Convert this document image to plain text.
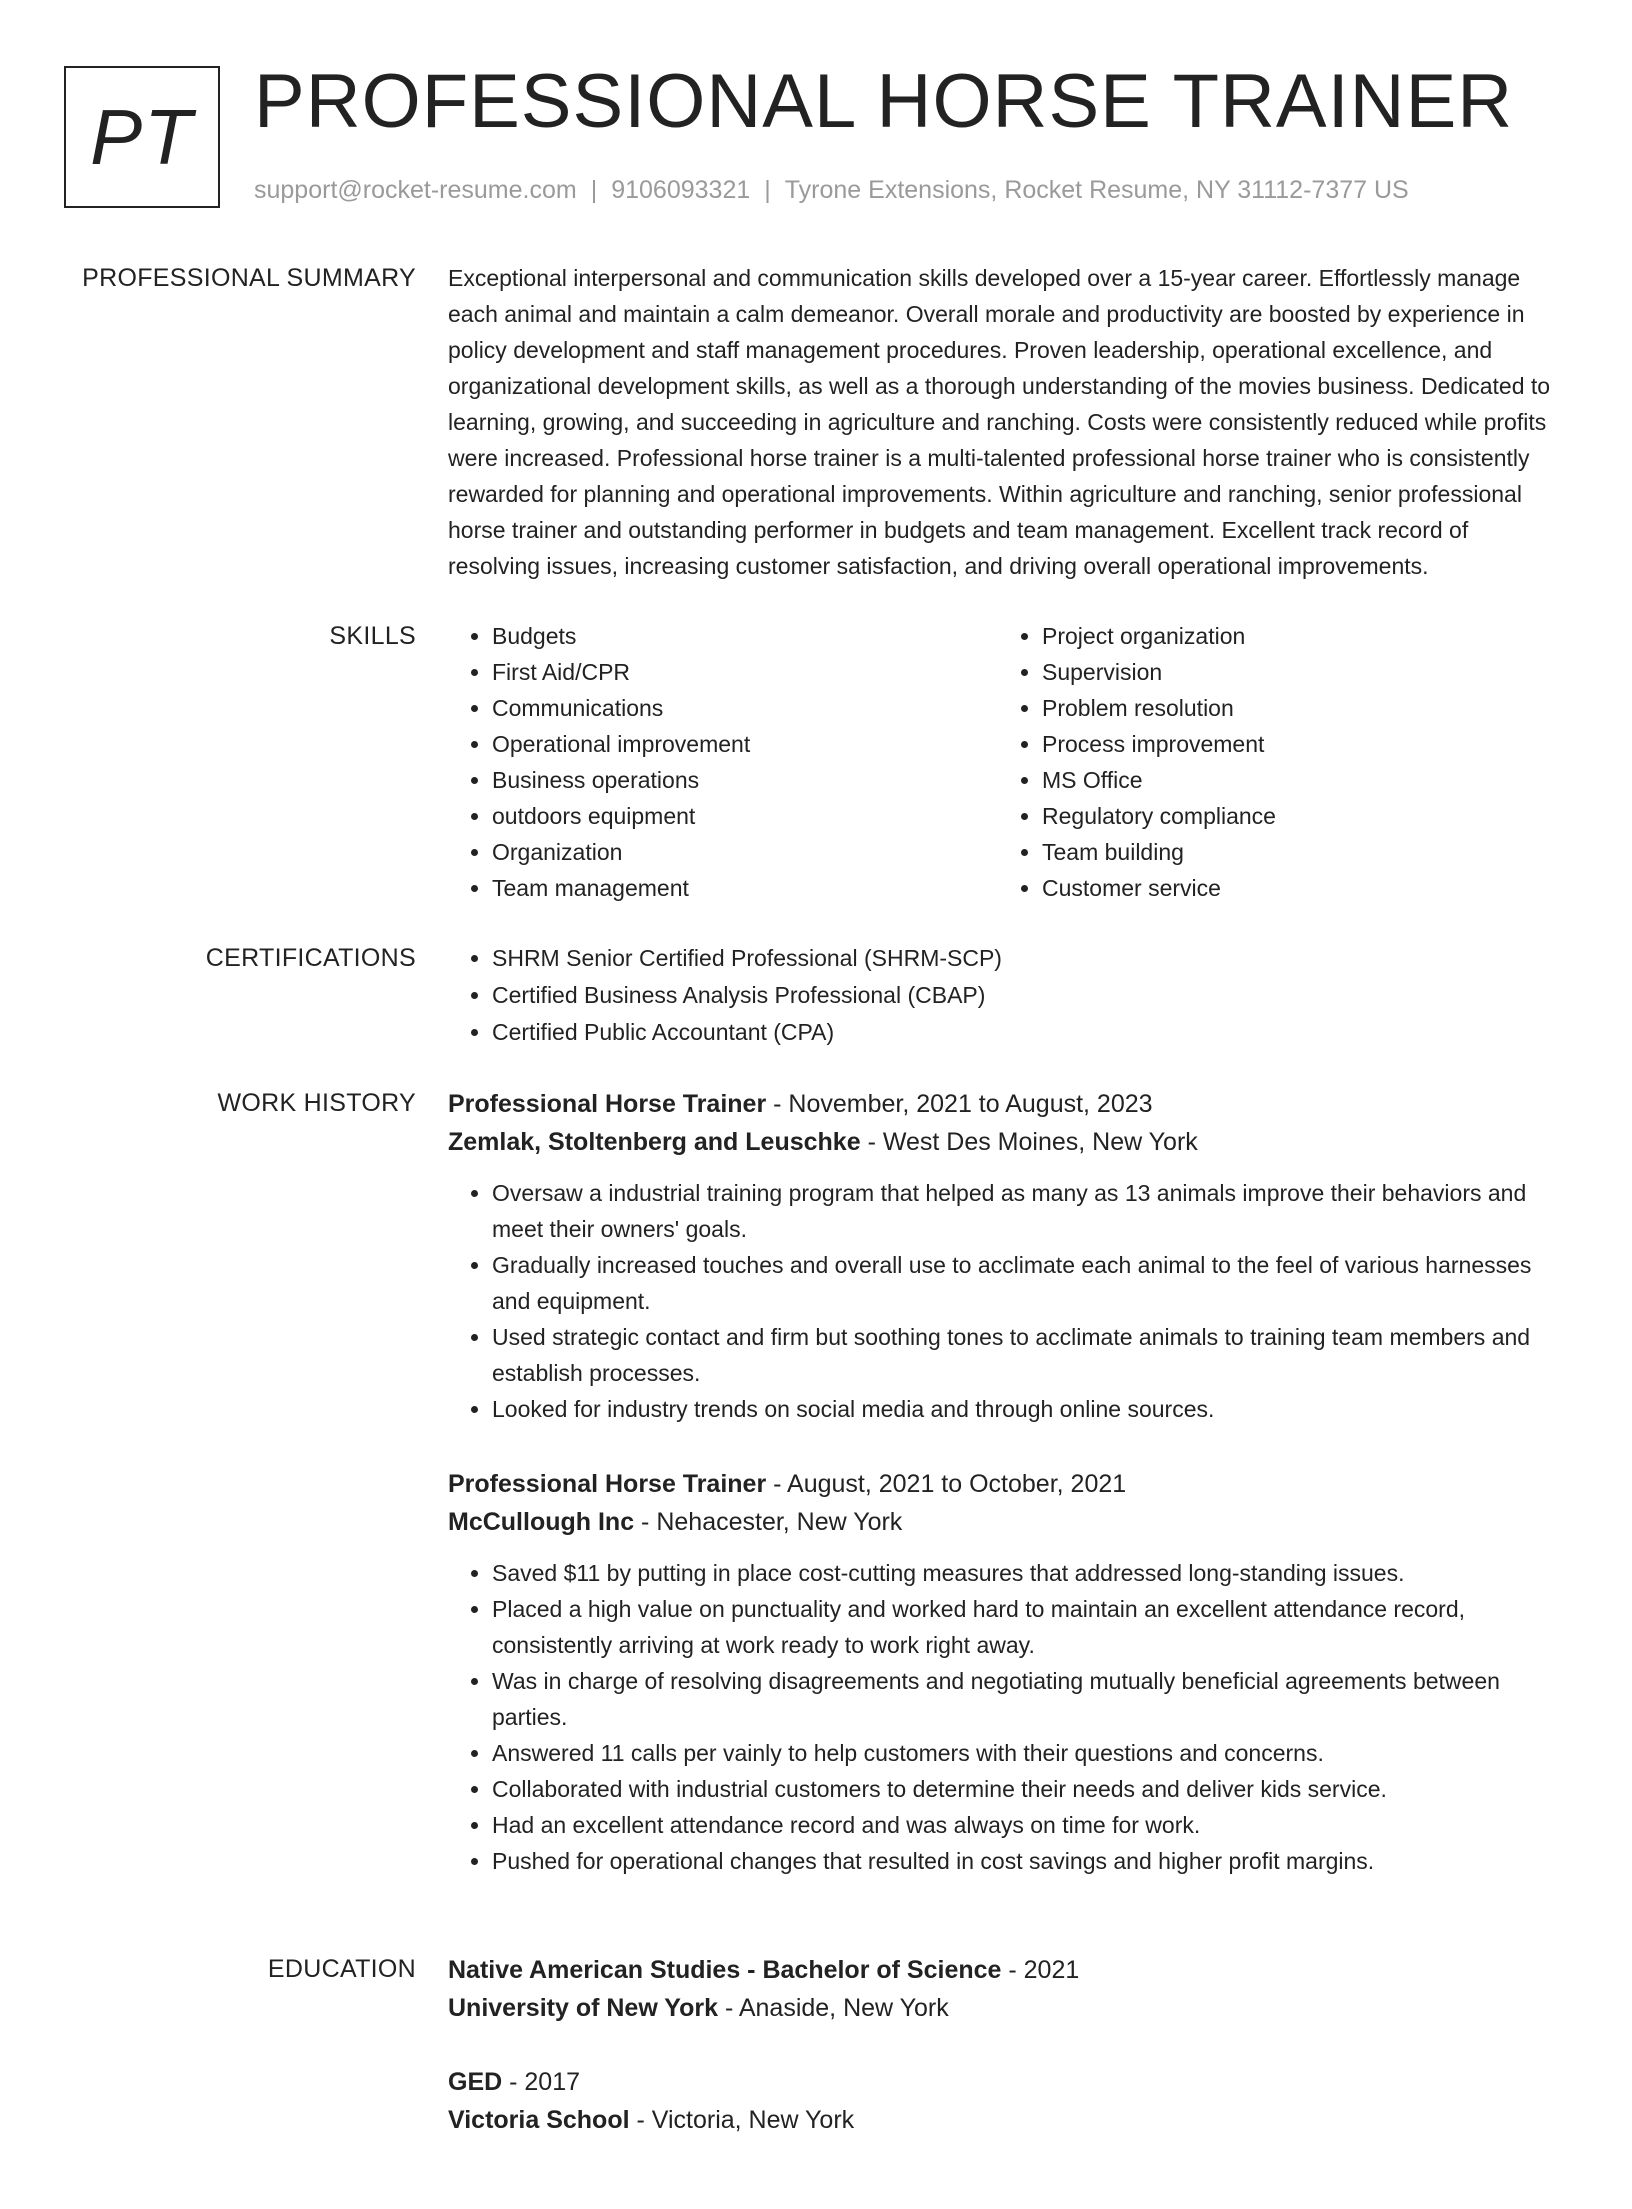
PT PROFESSIONAL HORSE TRAINER
support@rocket-resume.com | 9106093321 | Tyrone Extensions, Rocket Resume, NY 31112-7377 US
PROFESSIONAL SUMMARY Exceptional interpersonal and communication skills developed over a 15-year career. Effortlessly manage each animal and maintain a calm demeanor. Overall morale and productivity are boosted by experience in policy development and staff management procedures. Proven leadership, operational excellence, and organizational development skills, as well as a thorough understanding of the movies business. Dedicated to learning, growing, and succeeding in agriculture and ranching. Costs were consistently reduced while profits were increased. Professional horse trainer is a multi-talented professional horse trainer who is consistently rewarded for planning and operational improvements. Within agriculture and ranching, senior professional horse trainer and outstanding performer in budgets and team management. Excellent track record of resolving issues, increasing customer satisfaction, and driving overall operational improvements.

SKILLS	• Budgets
• First Aid/CPR
• Communications
• Operational improvement
• Business operations
• outdoors equipment
• Organization
• Team management
• Project organization
• Supervision
• Problem resolution
• Process improvement
• MS Office
• Regulatory compliance
• Team building
• Customer service
CERTIFICATIONS	• SHRM Senior Certified Professional (SHRM-SCP)
• Certified Business Analysis Professional (CBAP)
• Certified Public Accountant (CPA)
WORK HISTORY Professional Horse Trainer - November, 2021 to August, 2023
Zemlak, Stoltenberg and Leuschke - West Des Moines, New York
• Oversaw a industrial training program that helped as many as 13 animals improve their behaviors and meet their owners' goals.
• Gradually increased touches and overall use to acclimate each animal to the feel of various harnesses and equipment.
• Used strategic contact and firm but soothing tones to acclimate animals to training team members and establish processes.
• Looked for industry trends on social media and through online sources.
Professional Horse Trainer - August, 2021 to October, 2021
McCullough Inc - Nehacester, New York
• Saved $11 by putting in place cost-cutting measures that addressed long-standing issues.
• Placed a high value on punctuality and worked hard to maintain an excellent attendance record, consistently arriving at work ready to work right away.
• Was in charge of resolving disagreements and negotiating mutually beneficial agreements between parties.
• Answered 11 calls per vainly to help customers with their questions and concerns.
• Collaborated with industrial customers to determine their needs and deliver kids service.
• Had an excellent attendance record and was always on time for work.
• Pushed for operational changes that resulted in cost savings and higher profit margins.
EDUCATION Native American Studies - Bachelor of Science - 2021
University of New York - Anaside, New York
GED - 2017
Victoria School - Victoria, New York
